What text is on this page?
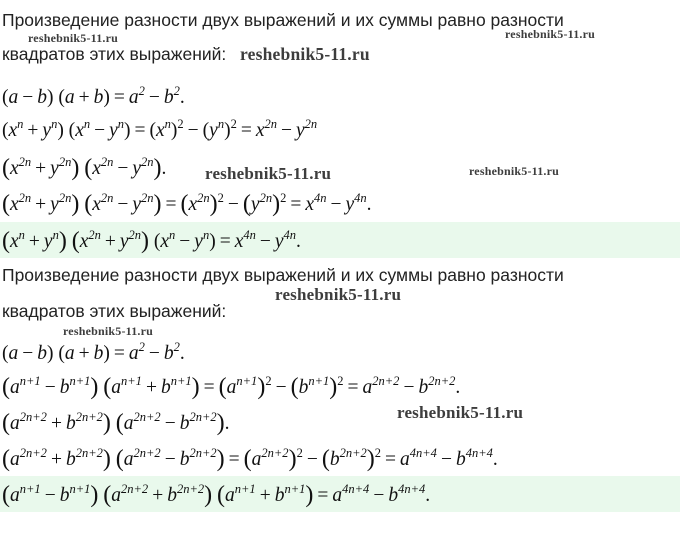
Произведение разности двух выражений и их суммы равно разности
квадратов этих выражений:
(a − b) $(a + b) = a^2 - b^2$.
$(x^n + y^n) (x^n - y^n) = (x^n)^2 - (y^n)^2 = x^{2n} - y^{2n}$
$(x^{2n} + y^{2n}) (x^{2n} - y^{2n})$.
$(x^{2n} + y^{2n}) (x^{2n} - y^{2n}) = (x^{2n})^2 - (y^{2n})^2 = x^{4n} - y^{4n}$.
$(x^n + y^n) (x^{2n} + y^{2n}) (x^n - y^n) = x^{4n} - y^{4n}$.
Произведение разности двух выражений и их суммы равно разности
квадратов этих выражений:
(a − b) $(a + b) = a^2 - b^2$.
$(a^{n+1} - b^{n+1}) (a^{n+1} + b^{n+1}) = (a^{n+1})^2 - (b^{n+1})^2 = a^{2n+2} - b^{2n+2}$.
$(a^{2n+2} + b^{2n+2}) (a^{2n+2} - b^{2n+2})$.
$(a^{2n+2} + b^{2n+2}) (a^{2n+2} - b^{2n+2}) = (a^{2n+2})^2 - (b^{2n+2})^2 = a^{4n+4} - b^{4n+4}$.
$(a^{n+1} - b^{n+1}) (a^{2n+2} + b^{2n+2}) (a^{n+1} + b^{n+1}) = a^{4n+4} - b^{4n+4}$.
reshebnik5-11.ru	reshebnik5-11.ru
reshebnik5-11.ru
reshebnik5-11.ru	reshebnik5-11.ru
reshebnik5-11.ru
reshebnik5-11.ru
reshebnik5-11.ru
